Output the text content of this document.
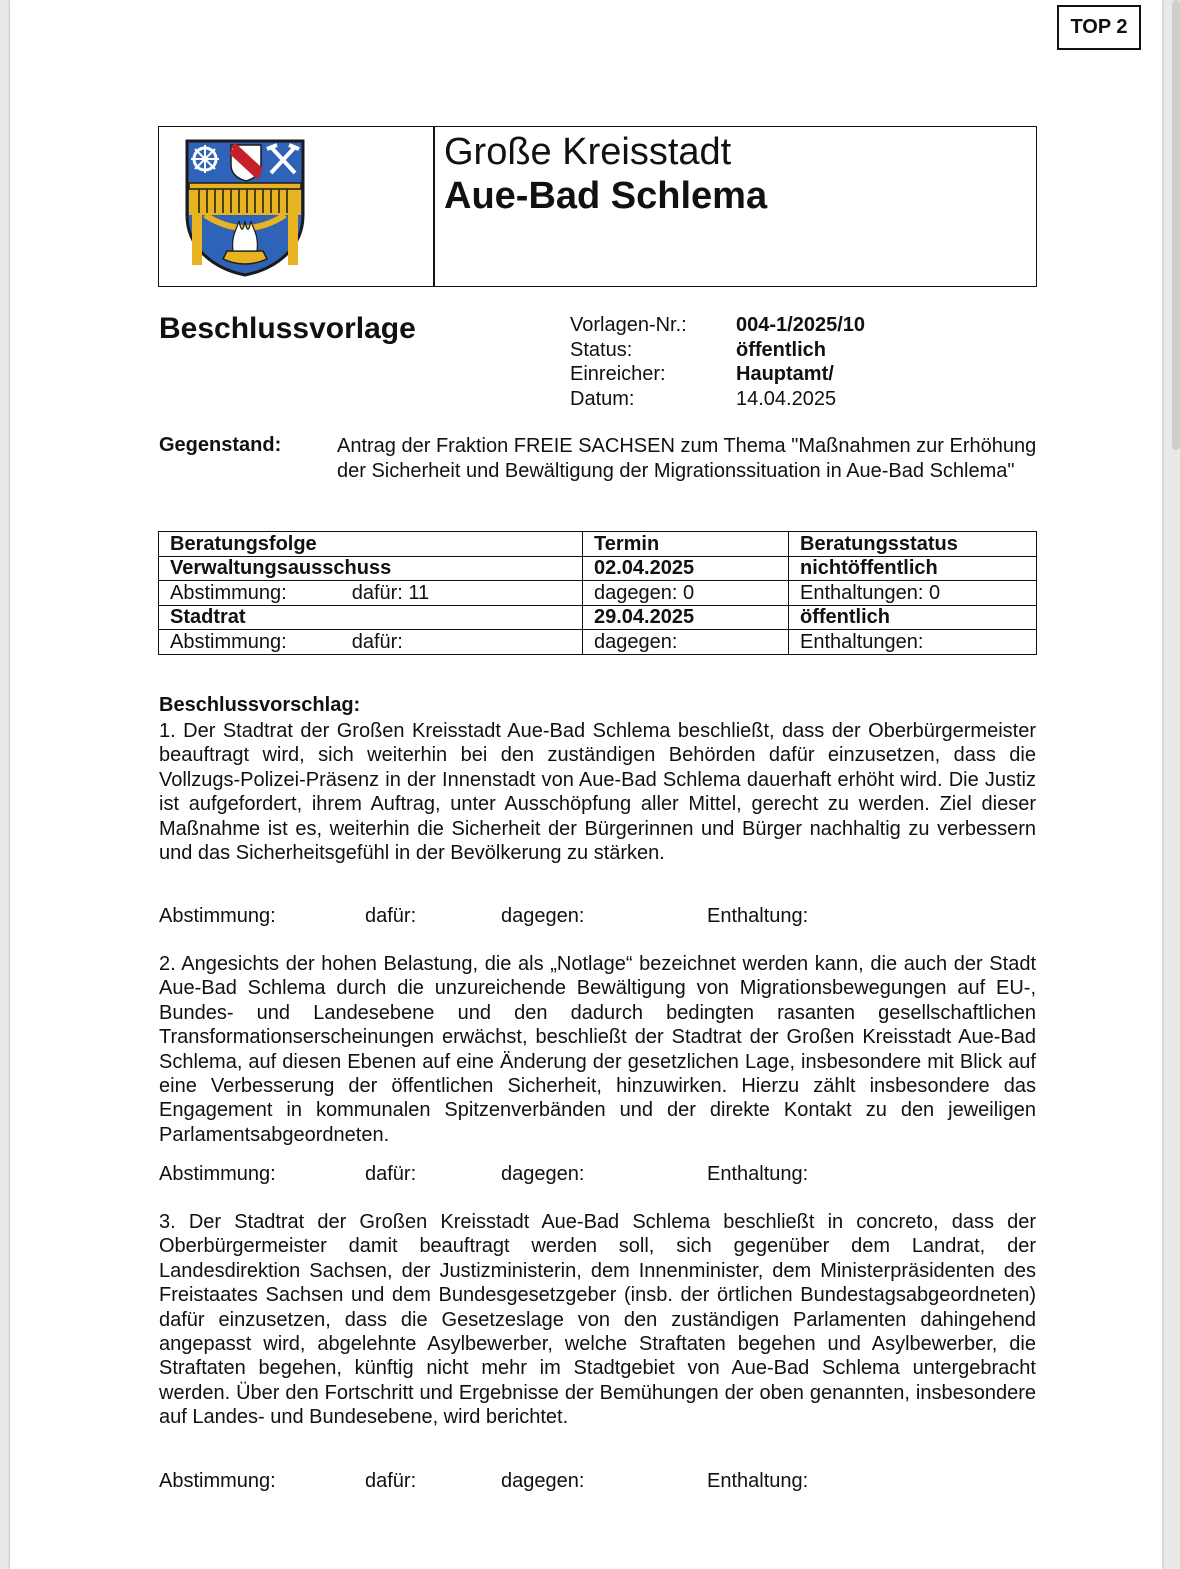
TOP 2
Große Kreisstadt
Aue-Bad Schlema
Beschlussvorlage	Vorlagen-Nr.:	004-1/2025/10
Status:	öffentlich
Einreicher:	Hauptamt/
Datum:	14.04.2025
Gegenstand:	Antrag der Fraktion FREIE SACHSEN zum Thema "Maßnahmen zur Erhöhung der Sicherheit und Bewältigung der Migrationssituation in Aue-Bad Schlema"
Beratungsfolge	Termin	Beratungsstatus
Verwaltungsausschuss	02.04.2025	nichtöffentlich
Abstimmung: dafür: 11	dagegen: 0	Enthaltungen: 0
Stadtrat	29.04.2025	öffentlich
Abstimmung: dafür:	dagegen:	Enthaltungen:
Beschlussvorschlag:
1. Der Stadtrat der Großen Kreisstadt Aue-Bad Schlema beschließt, dass der Oberbürgermeister beauftragt wird, sich weiterhin bei den zuständigen Behörden dafür einzusetzen, dass die Vollzugs-Polizei-Präsenz in der Innenstadt von Aue-Bad Schlema dauerhaft erhöht wird. Die Justiz ist aufgefordert, ihrem Auftrag, unter Ausschöpfung aller Mittel, gerecht zu werden. Ziel dieser Maßnahme ist es, weiterhin die Sicherheit der Bürgerinnen und Bürger nachhaltig zu verbessern und das Sicherheitsgefühl in der Bevölkerung zu stärken.
Abstimmung:	dafür:	dagegen:	Enthaltung:
2. Angesichts der hohen Belastung, die als „Notlage“ bezeichnet werden kann, die auch der Stadt Aue-Bad Schlema durch die unzureichende Bewältigung von Migrationsbewegungen auf EU-, Bundes- und Landesebene und den dadurch bedingten rasanten gesellschaftlichen Transformationserscheinungen erwächst, beschließt der Stadtrat der Großen Kreisstadt Aue-Bad Schlema, auf diesen Ebenen auf eine Änderung der gesetzlichen Lage, insbesondere mit Blick auf eine Verbesserung der öffentlichen Sicherheit, hinzuwirken. Hierzu zählt insbesondere das Engagement in kommunalen Spitzenverbänden und der direkte Kontakt zu den jeweiligen Parlamentsabgeordneten.
Abstimmung:	dafür:	dagegen:	Enthaltung:
3. Der Stadtrat der Großen Kreisstadt Aue-Bad Schlema beschließt in concreto, dass der Oberbürgermeister damit beauftragt werden soll, sich gegenüber dem Landrat, der Landesdirektion Sachsen, der Justizministerin, dem Innenminister, dem Ministerpräsidenten des Freistaates Sachsen und dem Bundesgesetzgeber (insb. der örtlichen Bundestagsabgeordneten) dafür einzusetzen, dass die Gesetzeslage von den zuständigen Parlamenten dahingehend angepasst wird, abgelehnte Asylbewerber, welche Straftaten begehen und Asylbewerber, die Straftaten begehen, künftig nicht mehr im Stadtgebiet von Aue-Bad Schlema untergebracht werden. Über den Fortschritt und Ergebnisse der Bemühungen der oben genannten, insbesondere auf Landes- und Bundesebene, wird berichtet.
Abstimmung:	dafür:	dagegen:	Enthaltung:
